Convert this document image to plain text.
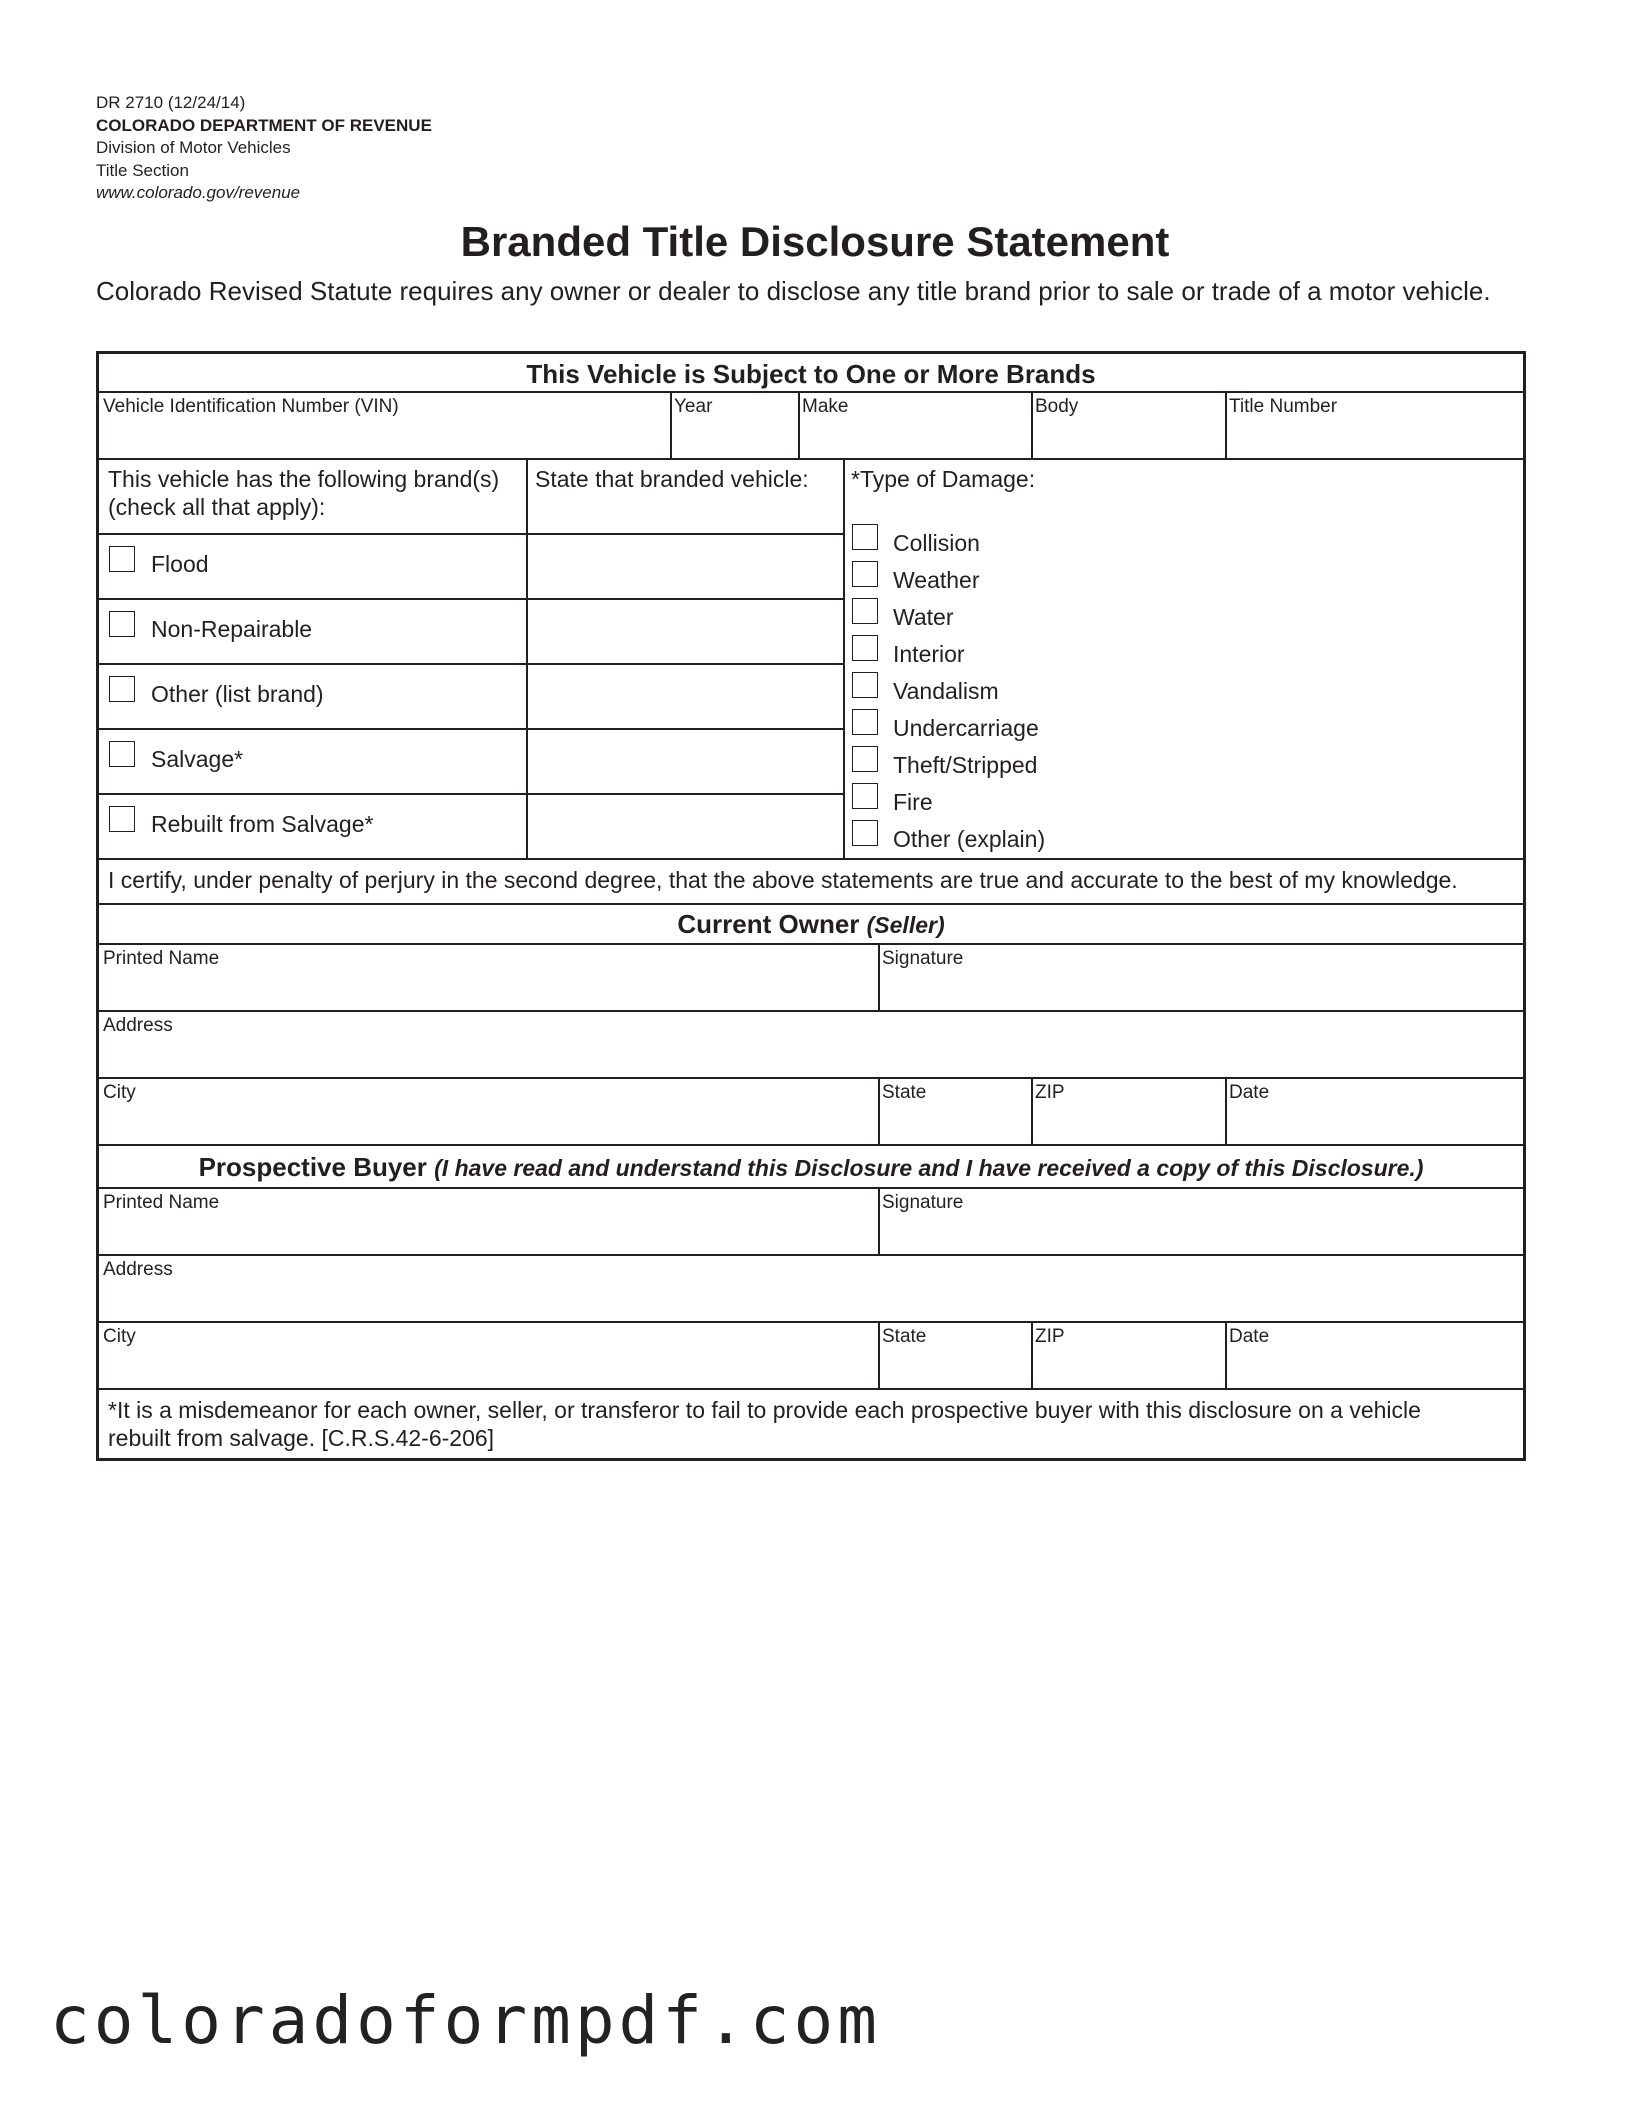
DR 2710 (12/24/14)
COLORADO DEPARTMENT OF REVENUE
Division of Motor Vehicles
Title Section
www.colorado.gov/revenue
Branded Title Disclosure Statement
Colorado Revised Statute requires any owner or dealer to disclose any title brand prior to sale or trade of a motor vehicle.
This Vehicle is Subject to One or More Brands
Vehicle Identification Number (VIN)	Year	Make	Body	Title Number
This vehicle has the following brand(s)
(check all that apply):
State that branded vehicle:
Flood
Non-Repairable
Other (list brand)
Salvage*
Rebuilt from Salvage*
*Type of Damage:
Collision
Weather
Water
Interior
Vandalism
Undercarriage
Theft/Stripped
Fire
Other (explain)
I certify, under penalty of perjury in the second degree, that the above statements are true and accurate to the best of my knowledge.
Current Owner (Seller)
Printed Name	Signature
Address
City	State	ZIP	Date
Prospective Buyer (I have read and understand this Disclosure and I have received a copy of this Disclosure.)
Printed Name	Signature
Address
City	State	ZIP	Date
*It is a misdemeanor for each owner, seller, or transferor to fail to provide each prospective buyer with this disclosure on a vehicle
rebuilt from salvage. [C.R.S.42-6-206]
coloradoformpdf.com
